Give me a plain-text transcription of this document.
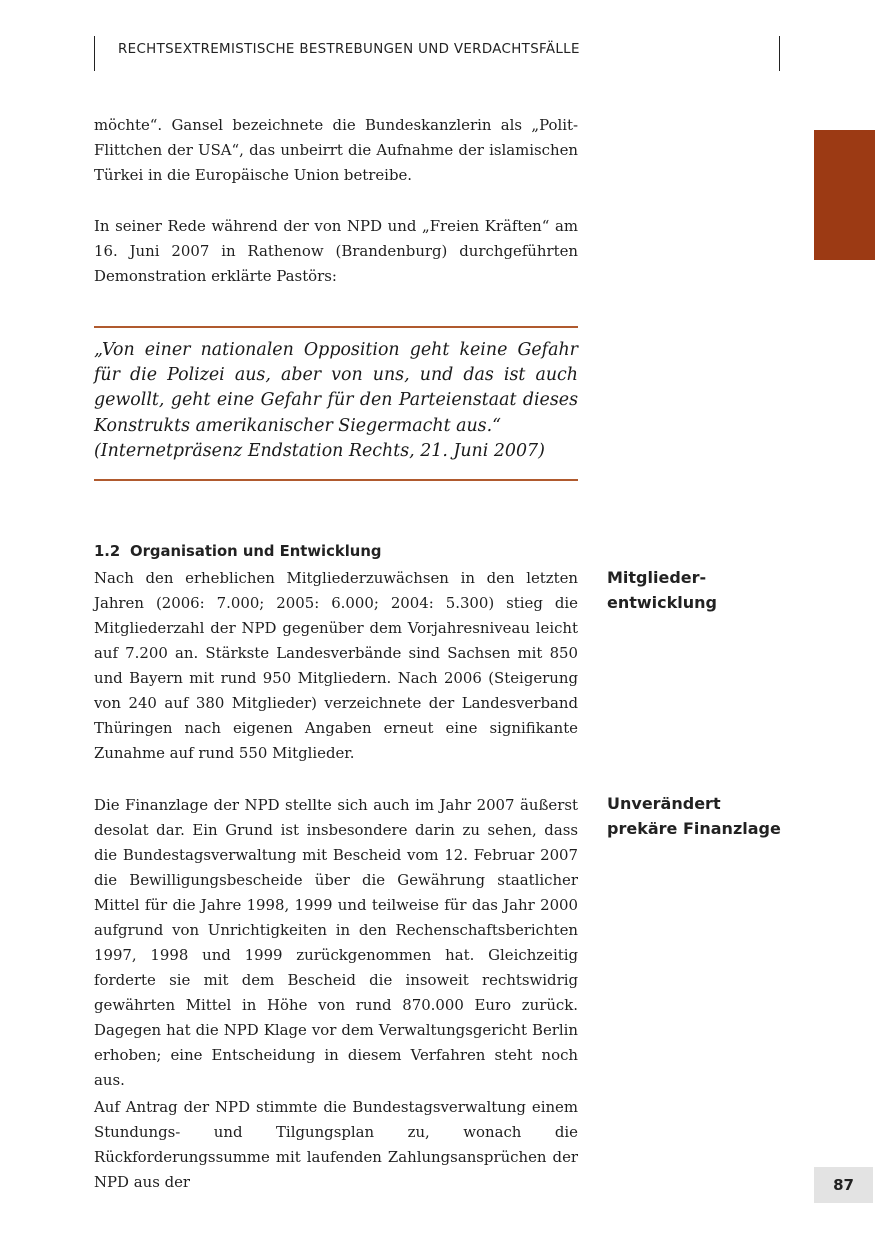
RECHTSEXTREMISTISCHE BESTREBUNGEN UND VERDACHTSFÄLLE

möchte“. Gansel bezeichnete die Bundeskanzlerin als „Polit-Flittchen der USA“, das unbeirrt die Aufnahme der islamischen Türkei in die Europäische Union betreibe.

In seiner Rede während der von NPD und „Freien Kräften“ am 16. Juni 2007 in Rathenow (Brandenburg) durchgeführten Demonstration erklärte Pastörs:

„Von einer nationalen Opposition geht keine Gefahr für die Polizei aus, aber von uns, und das ist auch gewollt, geht eine Gefahr für den Parteienstaat dieses Konstrukts amerikanischer Siegermacht aus.“
(Internetpräsenz Endstation Rechts, 21. Juni 2007)

1.2 Organisation und Entwicklung

Nach den erheblichen Mitgliederzuwächsen in den letzten Jahren (2006: 7.000; 2005: 6.000; 2004: 5.300) stieg die Mitgliederzahl der NPD gegenüber dem Vorjahresniveau leicht auf 7.200 an. Stärkste Landesverbände sind Sachsen mit 850 und Bayern mit rund 950 Mitgliedern. Nach 2006 (Steigerung von 240 auf 380 Mitglieder) verzeichnete der Landesverband Thüringen nach eigenen Angaben erneut eine signifikante Zunahme auf rund 550 Mitglieder.

Mitglieder-
entwicklung

Die Finanzlage der NPD stellte sich auch im Jahr 2007 äußerst desolat dar. Ein Grund ist insbesondere darin zu sehen, dass die Bundestagsverwaltung mit Bescheid vom 12. Februar 2007 die Bewilligungsbescheide über die Gewährung staatlicher Mittel für die Jahre 1998, 1999 und teilweise für das Jahr 2000 aufgrund von Unrichtigkeiten in den Rechenschaftsberichten 1997, 1998 und 1999 zurückgenommen hat. Gleichzeitig forderte sie mit dem Bescheid die insoweit rechtswidrig gewährten Mittel in Höhe von rund 870.000 Euro zurück. Dagegen hat die NPD Klage vor dem Verwaltungsgericht Berlin erhoben; eine Entscheidung in diesem Verfahren steht noch aus.

Unverändert
prekäre Finanzlage

Auf Antrag der NPD stimmte die Bundestagsverwaltung einem Stundungs- und Tilgungsplan zu, wonach die Rückforderungssumme mit laufenden Zahlungsansprüchen der NPD aus der	87
